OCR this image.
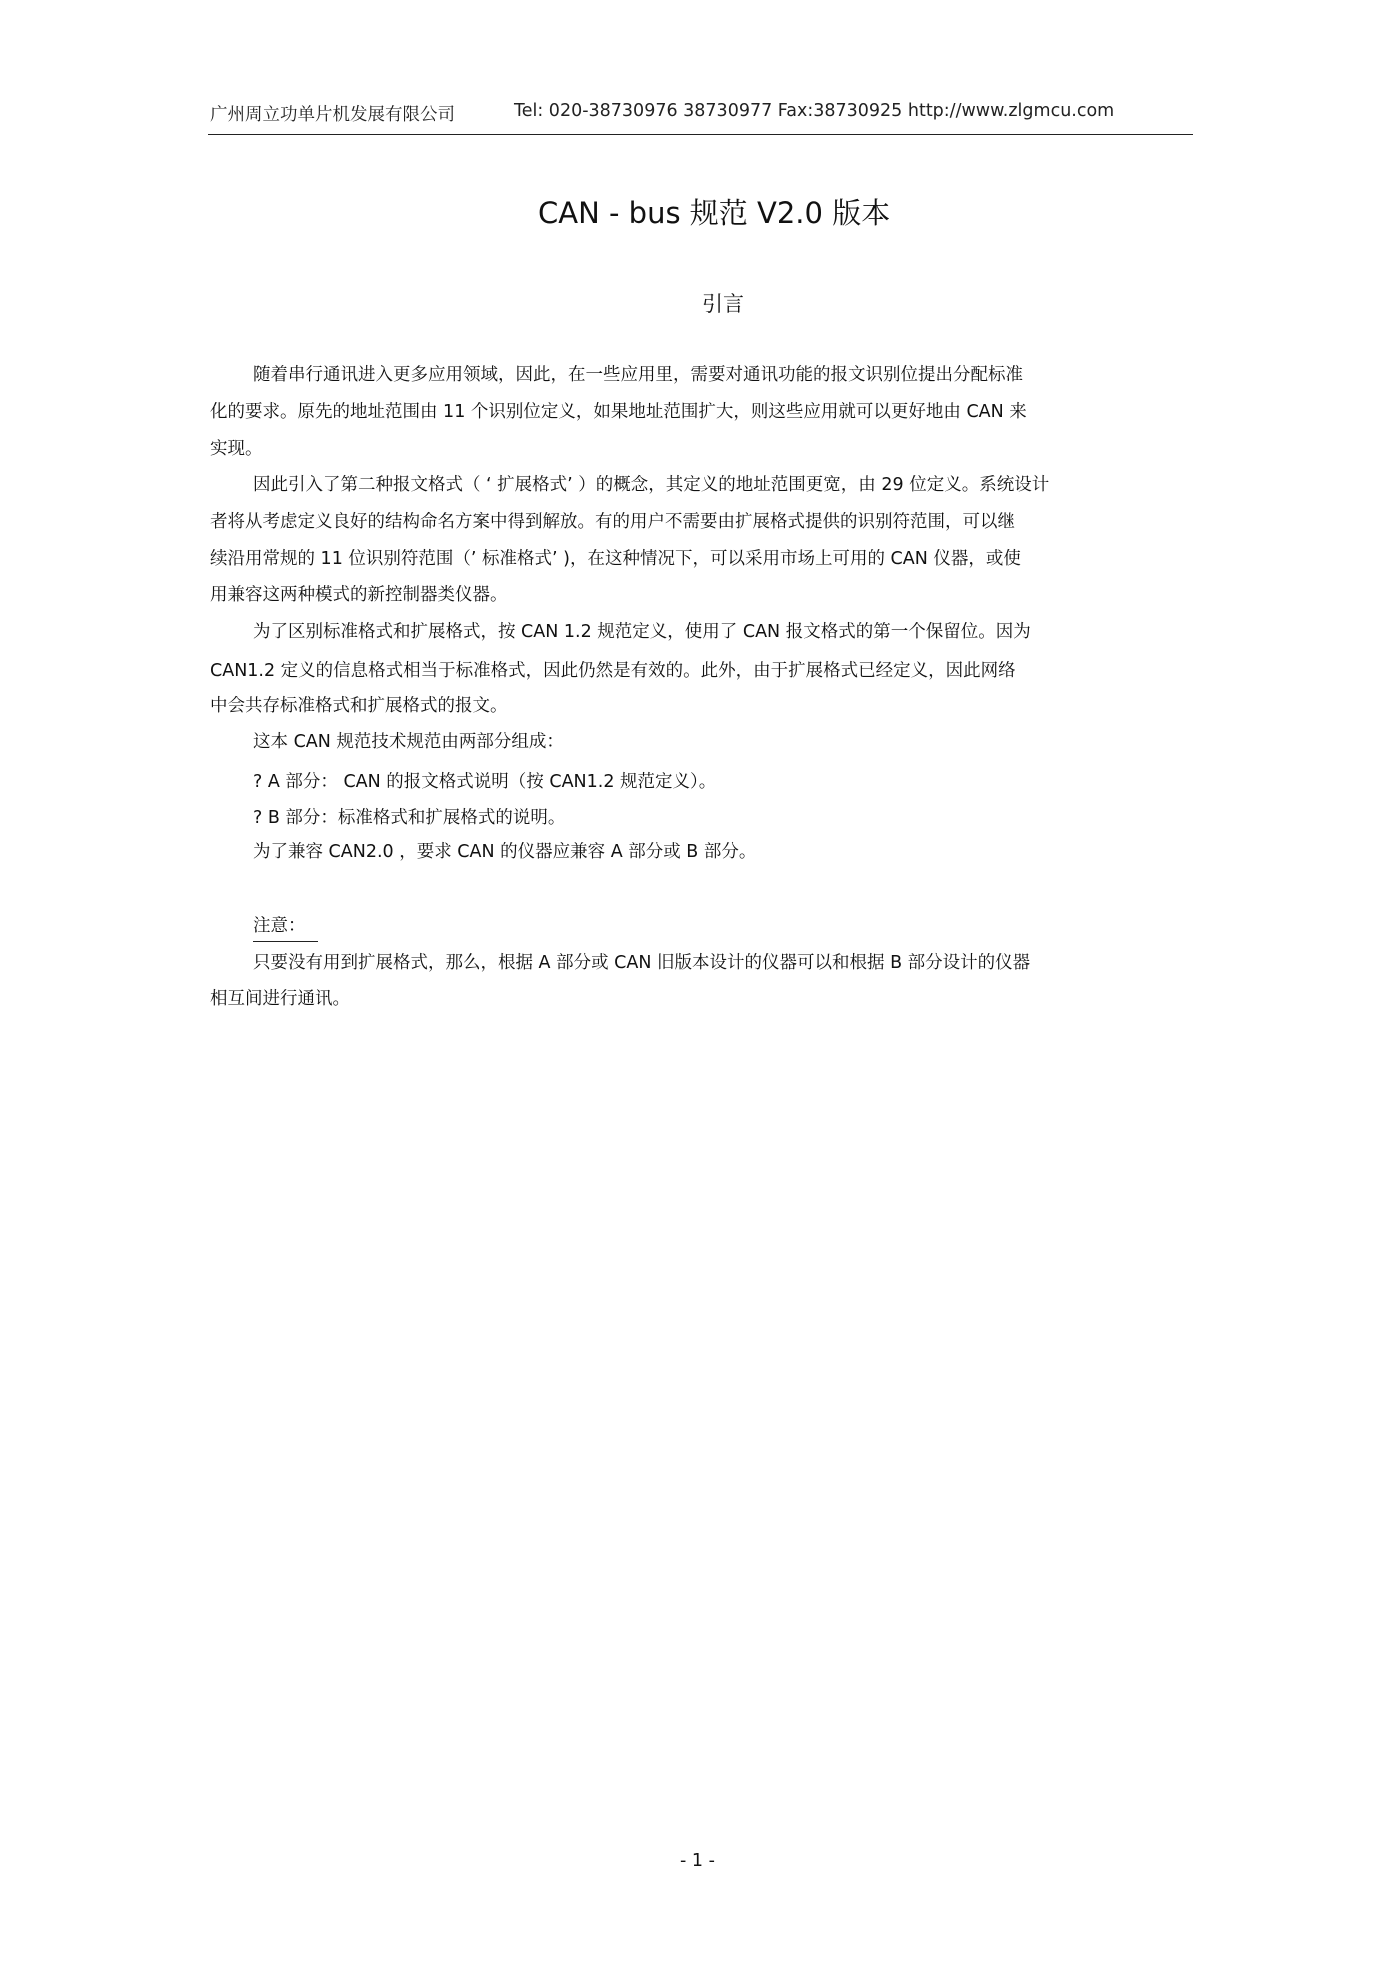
广州周立功单片机发展有限公司	Tel: 020-38730976 38730977 Fax:38730925 http://www.zlgmcu.com
CAN - bus 规范 V2.0 版本
引言
随着串行通讯进入更多应用领域，因此，在一些应用里，需要对通讯功能的报文识别位提出分配标准
化的要求。原先的地址范围由 11 个识别位定义，如果地址范围扩大，则这些应用就可以更好地由 CAN 来
实现。
因此引入了第二种报文格式（ ‘ 扩展格式’ ）的概念，其定义的地址范围更宽，由 29 位定义。系统设计
者将从考虑定义良好的结构命名方案中得到解放。有的用户不需要由扩展格式提供的识别符范围，可以继
续沿用常规的 11 位识别符范围（’ 标准格式’ )，在这种情况下，可以采用市场上可用的 CAN 仪器，或使
用兼容这两种模式的新控制器类仪器。
为了区别标准格式和扩展格式，按 CAN 1.2 规范定义，使用了 CAN 报文格式的第一个保留位。因为
CAN1.2 定义的信息格式相当于标准格式，因此仍然是有效的。此外，由于扩展格式已经定义，因此网络
中会共存标准格式和扩展格式的报文。
这本 CAN 规范技术规范由两部分组成：
? A 部分： CAN 的报文格式说明（按 CAN1.2 规范定义）。
? B 部分：标准格式和扩展格式的说明。
为了兼容 CAN2.0 ，要求 CAN 的仪器应兼容 A 部分或 B 部分。
注意：
只要没有用到扩展格式，那么，根据 A 部分或 CAN 旧版本设计的仪器可以和根据 B 部分设计的仪器
相互间进行通讯。
- 1 -
